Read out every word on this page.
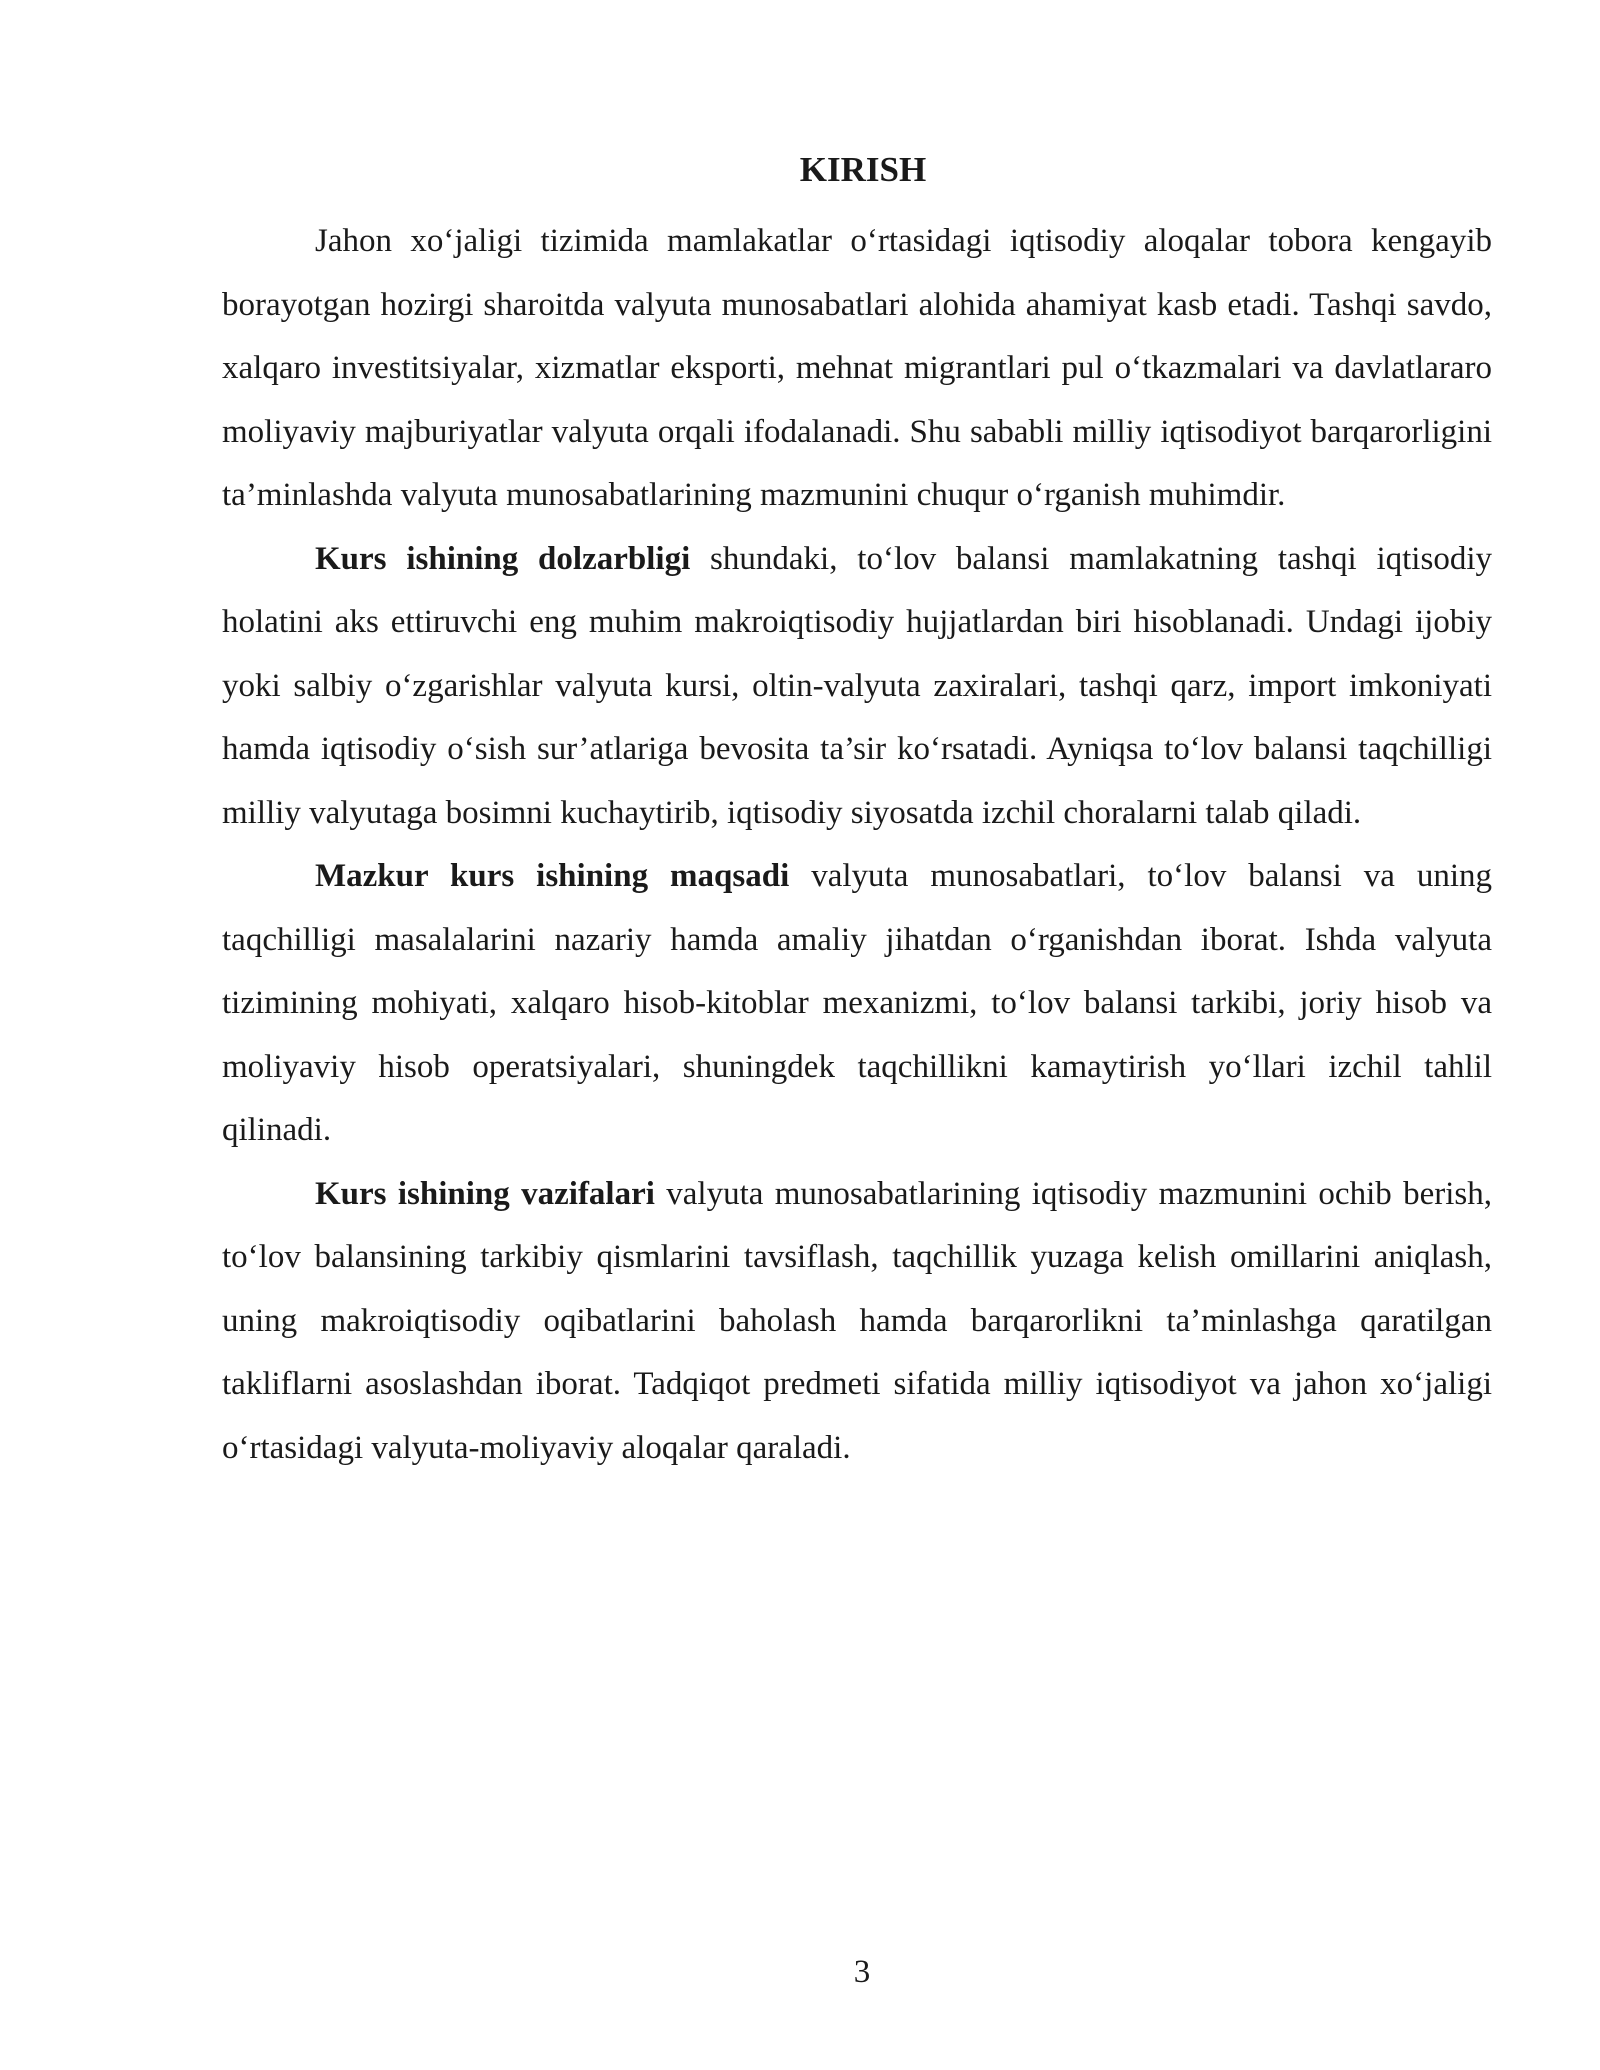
KIRISH

Jahon xo‘jaligi tizimida mamlakatlar o‘rtasidagi iqtisodiy aloqalar tobora kengayib borayotgan hozirgi sharoitda valyuta munosabatlari alohida ahamiyat kasb etadi. Tashqi savdo, xalqaro investitsiyalar, xizmatlar eksporti, mehnat migrantlari pul o‘tkazmalari va davlatlararo moliyaviy majburiyatlar valyuta orqali ifodalanadi. Shu sababli milliy iqtisodiyot barqarorligini ta’minlashda valyuta munosabatlarining mazmunini chuqur o‘rganish muhimdir.

Kurs ishining dolzarbligi shundaki, to‘lov balansi mamlakatning tashqi iqtisodiy holatini aks ettiruvchi eng muhim makroiqtisodiy hujjatlardan biri hisoblanadi. Undagi ijobiy yoki salbiy o‘zgarishlar valyuta kursi, oltin-valyuta zaxiralari, tashqi qarz, import imkoniyati hamda iqtisodiy o‘sish sur’atlariga bevosita ta’sir ko‘rsatadi. Ayniqsa to‘lov balansi taqchilligi milliy valyutaga bosimni kuchaytirib, iqtisodiy siyosatda izchil choralarni talab qiladi.

Mazkur kurs ishining maqsadi valyuta munosabatlari, to‘lov balansi va uning taqchilligi masalalarini nazariy hamda amaliy jihatdan o‘rganishdan iborat. Ishda valyuta tizimining mohiyati, xalqaro hisob-kitoblar mexanizmi, to‘lov balansi tarkibi, joriy hisob va moliyaviy hisob operatsiyalari, shuningdek taqchillikni kamaytirish yo‘llari izchil tahlil qilinadi.

Kurs ishining vazifalari valyuta munosabatlarining iqtisodiy mazmunini ochib berish, to‘lov balansining tarkibiy qismlarini tavsiflash, taqchillik yuzaga kelish omillarini aniqlash, uning makroiqtisodiy oqibatlarini baholash hamda barqarorlikni ta’minlashga qaratilgan takliflarni asoslashdan iborat. Tadqiqot predmeti sifatida milliy iqtisodiyot va jahon xo‘jaligi o‘rtasidagi valyuta-moliyaviy aloqalar qaraladi.

3
